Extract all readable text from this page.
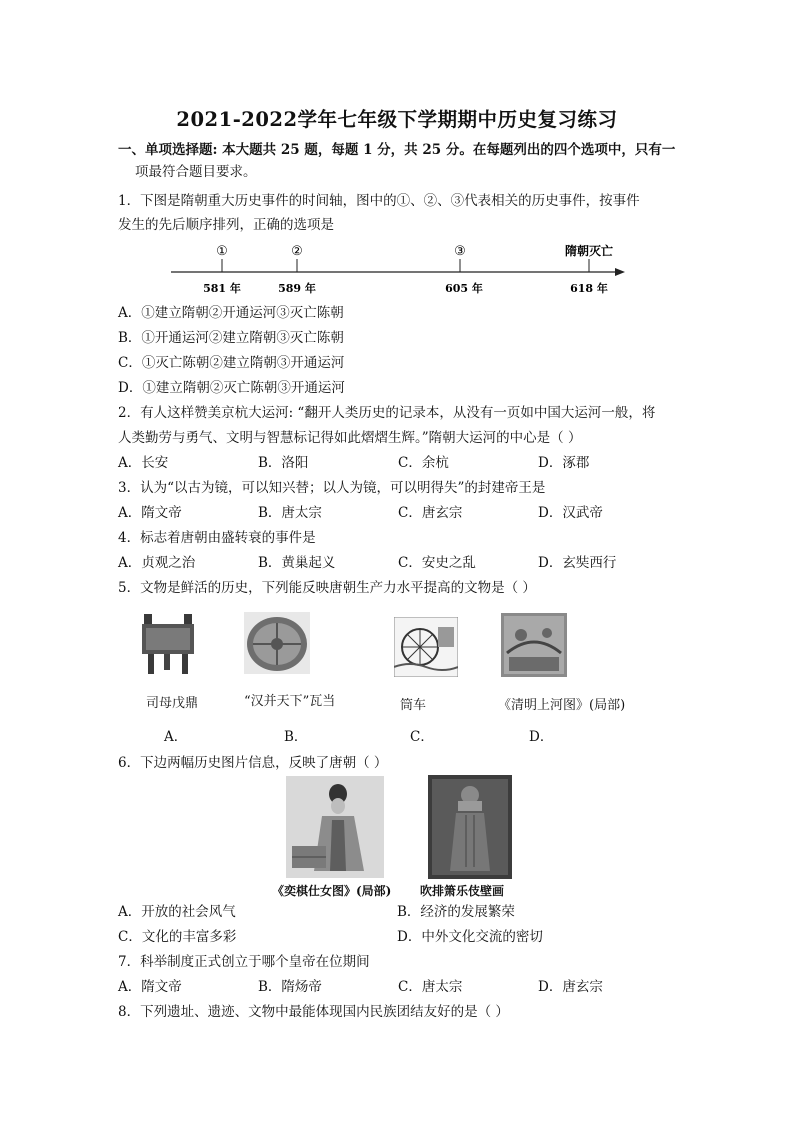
2021-2022学年七年级下学期期中历史复习练习
一、单项选择题: 本大题共 25 题，每题 1 分，共 25 分。在每题列出的四个选项中，只有一
项最符合题目要求。
1．下图是隋朝重大历史事件的时间轴，图中的①、②、③代表相关的历史事件，按事件
发生的先后顺序排列，正确的选项是
①	②	③	隋朝灭亡
581 年	589 年	605 年	618 年
A．①建立隋朝②开通运河③灭亡陈朝
B．①开通运河②建立隋朝③灭亡陈朝
C．①灭亡陈朝②建立隋朝③开通运河
D．①建立隋朝②灭亡陈朝③开通运河
2．有人这样赞美京杭大运河: “翻开人类历史的记录本，从没有一页如中国大运河一般，将
人类勤劳与勇气、文明与智慧标记得如此熠熠生辉。”隋朝大运河的中心是（ ）
A．长安	B．洛阳	C．余杭	D．涿郡
3．认为“以古为镜，可以知兴替；以人为镜，可以明得失”的封建帝王是
A．隋文帝	B．唐太宗	C．唐玄宗	D．汉武帝
4．标志着唐朝由盛转衰的事件是
A．贞观之治	B．黄巢起义	C．安史之乱	D．玄奘西行
5．文物是鲜活的历史，下列能反映唐朝生产力水平提高的文物是（ ）
司母戊鼎	“汉并天下”瓦当	筒车	《清明上河图》(局部)
A．	B．	C．	D．
6．下边两幅历史图片信息，反映了唐朝（ ）
《奕棋仕女图》(局部) 吹排箫乐伎壁画
A．开放的社会风气	B．经济的发展繁荣
C．文化的丰富多彩	D．中外文化交流的密切
7．科举制度正式创立于哪个皇帝在位期间
A．隋文帝	B．隋炀帝	C．唐太宗	D．唐玄宗
8．下列遗址、遗迹、文物中最能体现国内民族团结友好的是（ ）
